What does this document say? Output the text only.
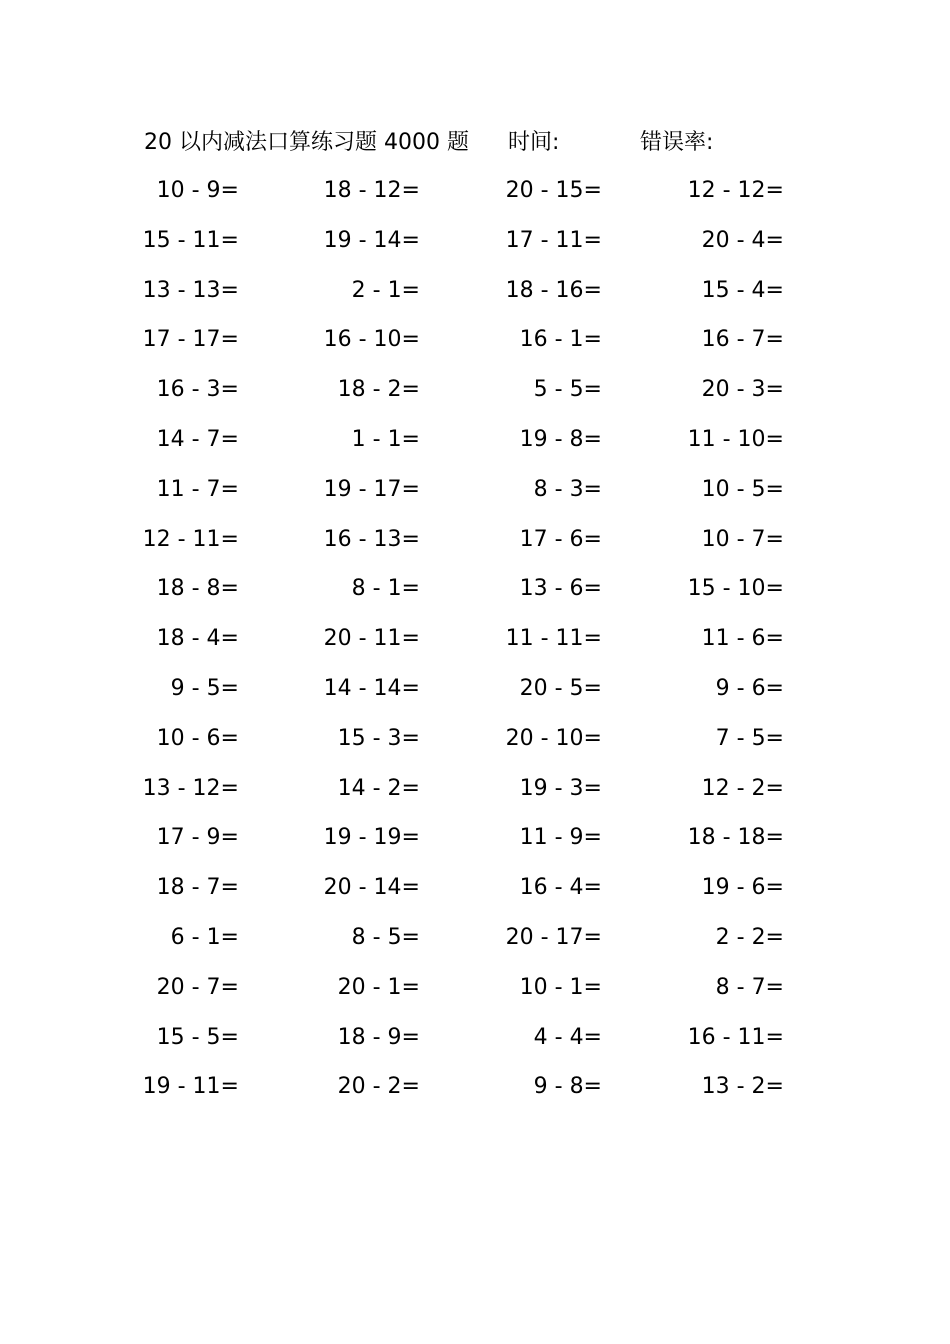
20 以内减法口算练习题 4000 题 时间:	错误率:
10 - 9=	18 - 12=	20 - 15=	12 - 12=
15 - 11=	19 - 14=	17 - 11=	20 - 4=
13 - 13=	2 - 1=	18 - 16=	15 - 4=
17 - 17=	16 - 10=	16 - 1=	16 - 7=
16 - 3=	18 - 2=	5 - 5=	20 - 3=
14 - 7=	1 - 1=	19 - 8=	11 - 10=
11 - 7=	19 - 17=	8 - 3=	10 - 5=
12 - 11=	16 - 13=	17 - 6=	10 - 7=
18 - 8=	8 - 1=	13 - 6=	15 - 10=
18 - 4=	20 - 11=	11 - 11=	11 - 6=
9 - 5=	14 - 14=	20 - 5=	9 - 6=
10 - 6=	15 - 3=	20 - 10=	7 - 5=
13 - 12=	14 - 2=	19 - 3=	12 - 2=
17 - 9=	19 - 19=	11 - 9=	18 - 18=
18 - 7=	20 - 14=	16 - 4=	19 - 6=
6 - 1=	8 - 5=	20 - 17=	2 - 2=
20 - 7=	20 - 1=	10 - 1=	8 - 7=
15 - 5=	18 - 9=	4 - 4=	16 - 11=
19 - 11=	20 - 2=	9 - 8=	13 - 2=
